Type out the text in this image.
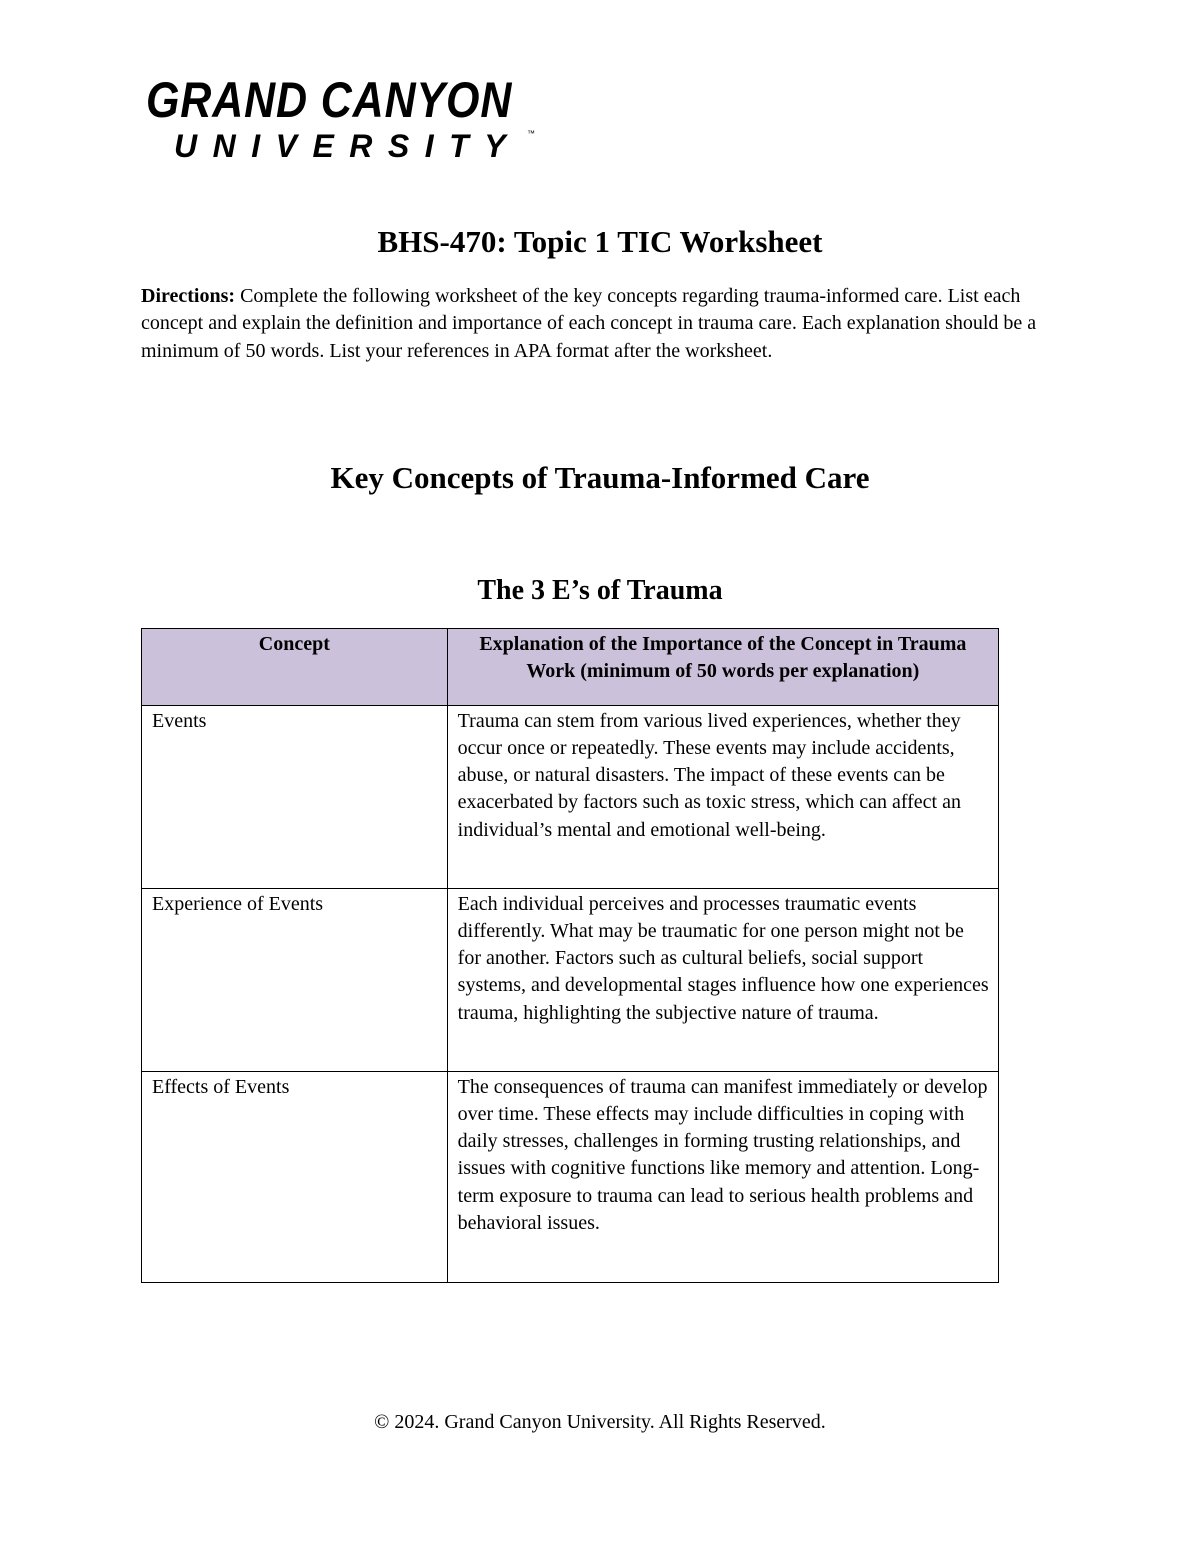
GRAND CANYON
UNIVERSITY ™
BHS-470: Topic 1 TIC Worksheet
Directions: Complete the following worksheet of the key concepts regarding trauma-informed care. List each concept and explain the definition and importance of each concept in trauma care. Each explanation should be a minimum of 50 words. List your references in APA format after the worksheet.
Key Concepts of Trauma-Informed Care
The 3 E’s of Trauma
Concept	Explanation of the Importance of the Concept in Trauma Work (minimum of 50 words per explanation)
Events	Trauma can stem from various lived experiences, whether they occur once or repeatedly. These events may include accidents, abuse, or natural disasters. The impact of these events can be exacerbated by factors such as toxic stress, which can affect an individual’s mental and emotional well-being.
Experience of Events	Each individual perceives and processes traumatic events differently. What may be traumatic for one person might not be for another. Factors such as cultural beliefs, social support systems, and developmental stages influence how one experiences trauma, highlighting the subjective nature of trauma.
Effects of Events	The consequences of trauma can manifest immediately or develop over time. These effects may include difficulties in coping with daily stresses, challenges in forming trusting relationships, and issues with cognitive functions like memory and attention. Long-term exposure to trauma can lead to serious health problems and behavioral issues.
© 2024. Grand Canyon University. All Rights Reserved.
